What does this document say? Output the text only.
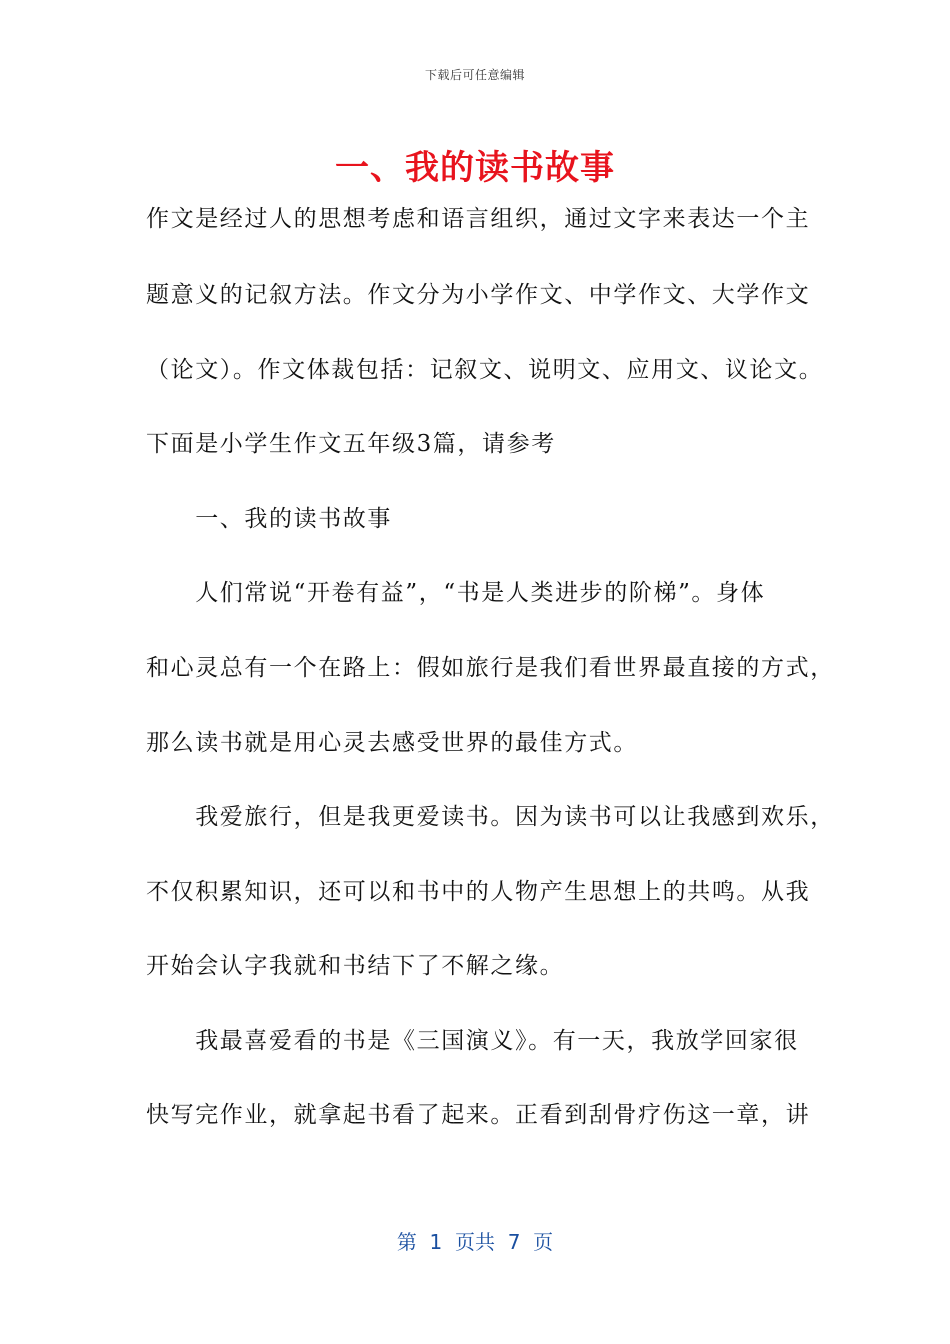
下载后可任意编辑
一、我的读书故事
作文是经过人的思想考虑和语言组织，通过文字来表达一个主
题意义的记叙方法。作文分为小学作文、中学作文、大学作文
（论文）。作文体裁包括：记叙文、说明文、应用文、议论文。
下面是小学生作文五年级3篇，请参考
　　一、我的读书故事
　　人们常说“开卷有益”，“书是人类进步的阶梯”。身体
和心灵总有一个在路上：假如旅行是我们看世界最直接的方式，
那么读书就是用心灵去感受世界的最佳方式。
　　我爱旅行，但是我更爱读书。因为读书可以让我感到欢乐，
不仅积累知识，还可以和书中的人物产生思想上的共鸣。从我
开始会认字我就和书结下了不解之缘。
　　我最喜爱看的书是《三国演义》。有一天，我放学回家很
快写完作业，就拿起书看了起来。正看到刮骨疗伤这一章，讲
第  1  页共  7  页
